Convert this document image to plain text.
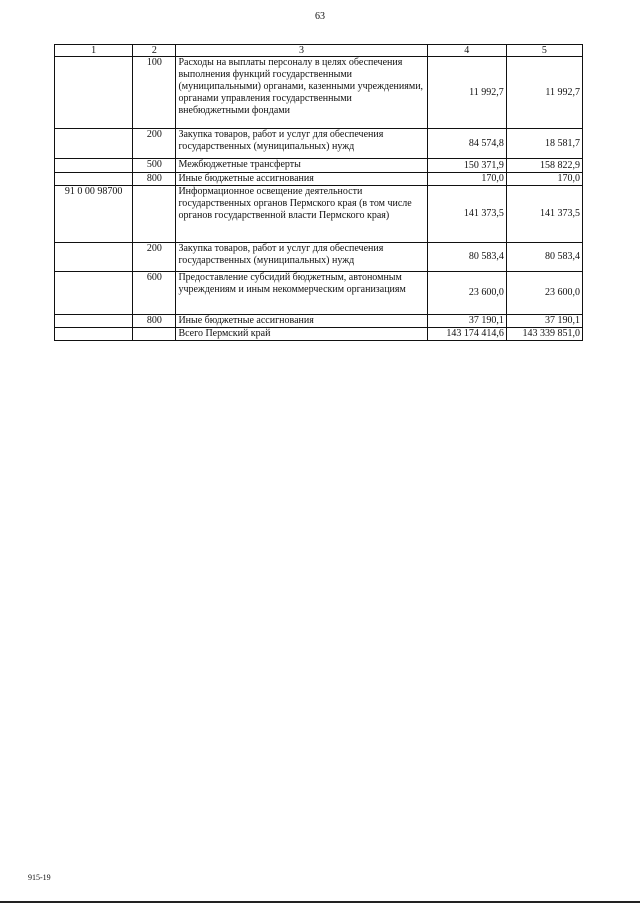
63
1	2	3	4	5
	100	Расходы на выплаты персоналу в целях обеспечения выполнения функций государственными (муниципальными) органами, казенными учреждениями, органами управления государственными внебюджетными фондами	11 992,7	11 992,7
	200	Закупка товаров, работ и услуг для обеспечения государственных (муниципальных) нужд	84 574,8	18 581,7
	500	Межбюджетные трансферты	150 371,9	158 822,9
	800	Иные бюджетные ассигнования	170,0	170,0
91 0 00 98700		Информационное освещение деятельности государственных органов Пермского края (в том числе органов государственной власти Пермского края)	141 373,5	141 373,5
	200	Закупка товаров, работ и услуг для обеспечения государственных (муниципальных) нужд	80 583,4	80 583,4
	600	Предоставление субсидий бюджетным, автономным учреждениям и иным некоммерческим организациям	23 600,0	23 600,0
	800	Иные бюджетные ассигнования	37 190,1	37 190,1
		Всего Пермский край	143 174 414,6	143 339 851,0
915-19
